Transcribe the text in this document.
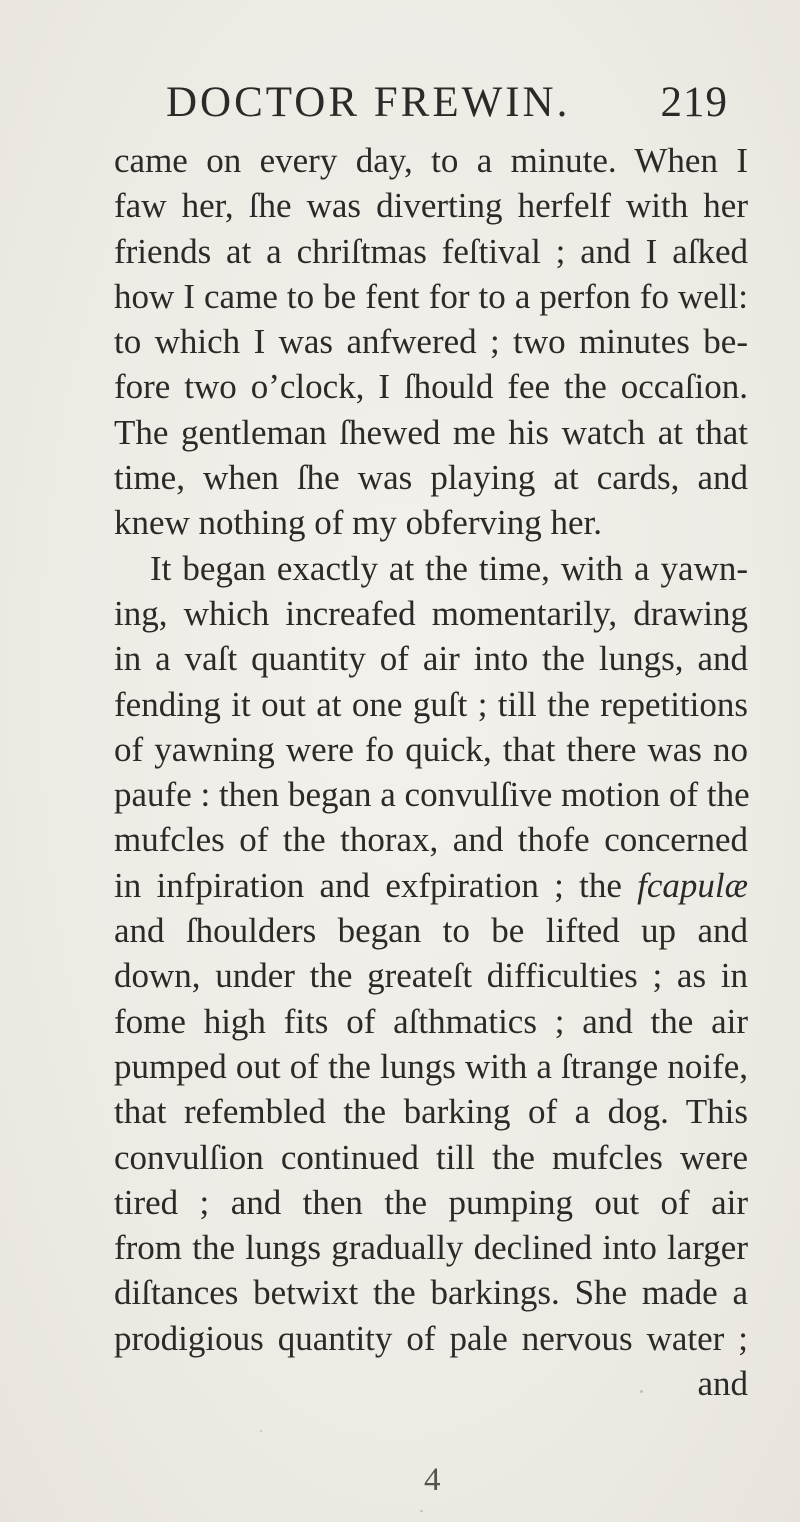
DOCTOR FREWIN. 219
came on every day, to a minute. When I
faw her, ſhe was diverting herfelf with her
friends at a chriſtmas feſtival ; and I aſked
how I came to be fent for to a perfon fo well:
to which I was anfwered ; two minutes be-
fore two o’clock, I ſhould fee the occaſion.
The gentleman ſhewed me his watch at that
time, when ſhe was playing at cards, and
knew nothing of my obferving her.
It began exactly at the time, with a yawn-
ing, which increafed momentarily, drawing
in a vaſt quantity of air into the lungs, and
fending it out at one guſt ; till the repetitions
of yawning were fo quick, that there was no
paufe : then began a convulſive motion of the
mufcles of the thorax, and thofe concerned
in infpiration and exfpiration ; the fcapulæ
and ſhoulders began to be lifted up and
down, under the greateſt difficulties ; as in
fome high fits of aſthmatics ; and the air
pumped out of the lungs with a ſtrange noife,
that refembled the barking of a dog. This
convulſion continued till the mufcles were
tired ; and then the pumping out of air
from the lungs gradually declined into larger
diſtances betwixt the barkings. She made a
prodigious quantity of pale nervous water ;
and
4
